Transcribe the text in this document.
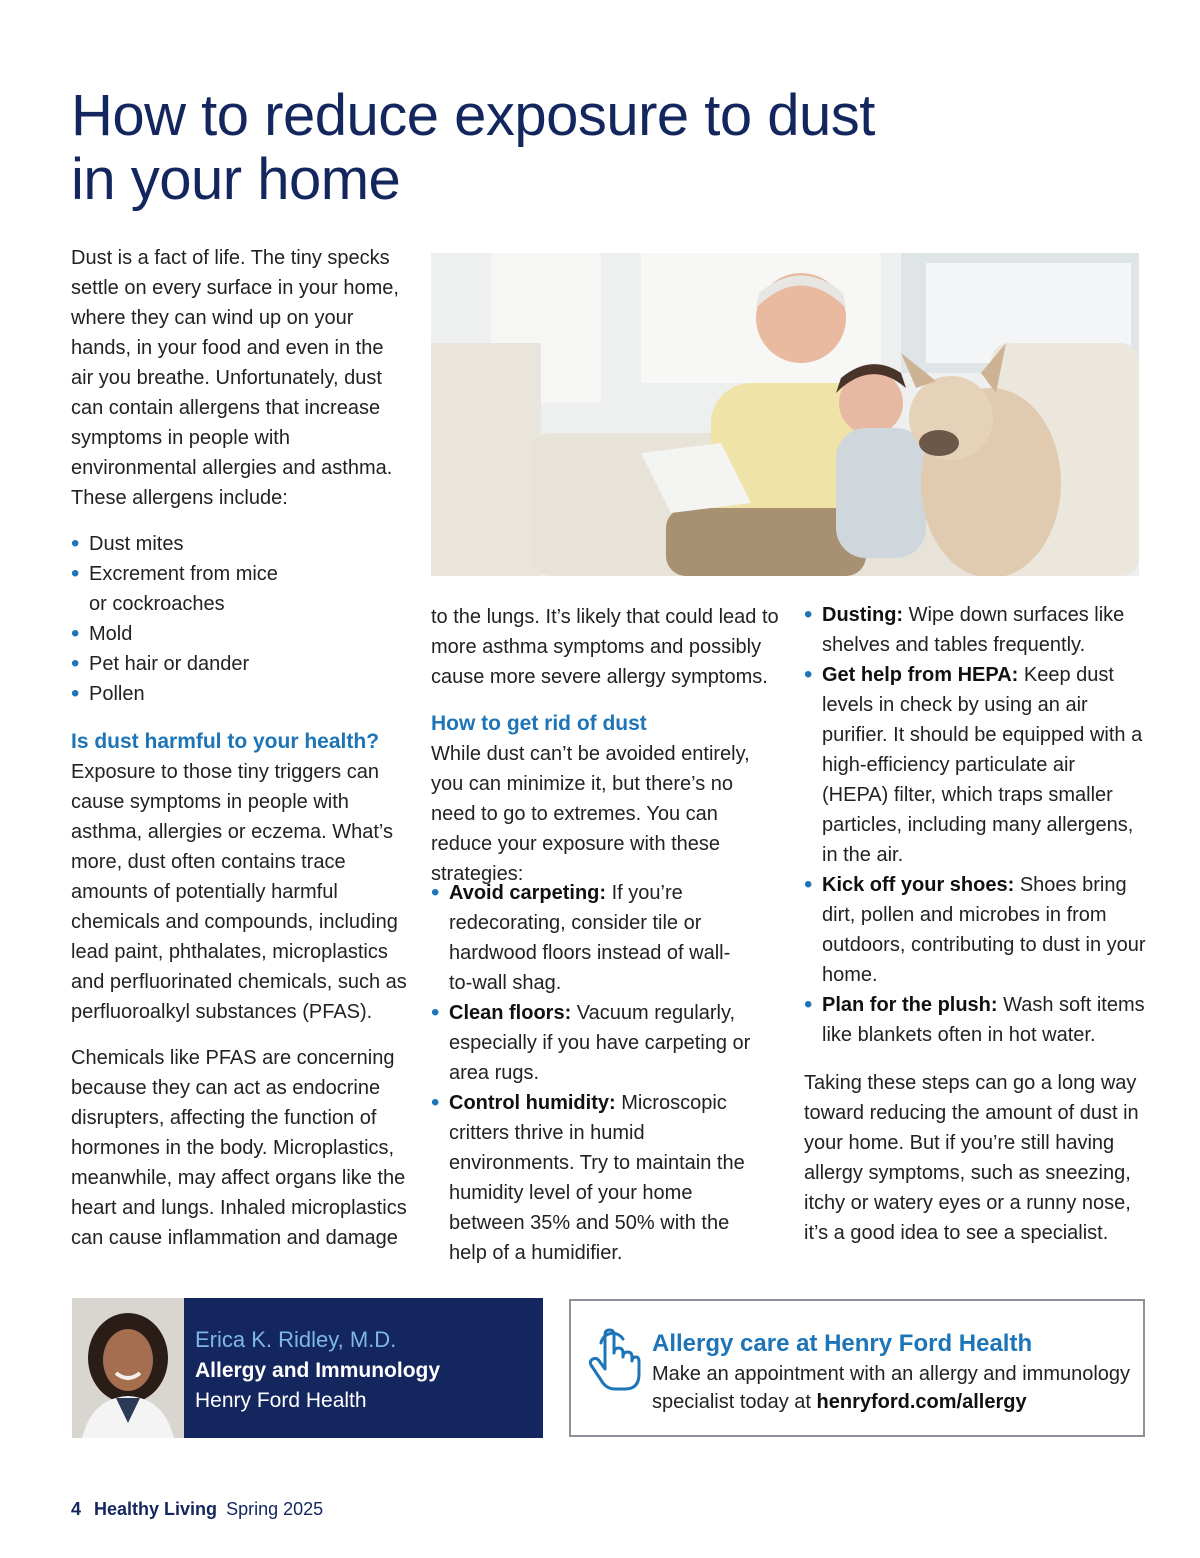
How to reduce exposure to dust
in your home

Dust is a fact of life. The tiny specks settle on every surface in your home, where they can wind up on your hands, in your food and even in the air you breathe. Unfortunately, dust can contain allergens that increase symptoms in people with environmental allergies and asthma. These allergens include:

• Dust mites
• Excrement from mice or cockroaches
• Mold
• Pet hair or dander
• Pollen
Is dust harmful to your health?

Exposure to those tiny triggers can cause symptoms in people with asthma, allergies or eczema. What’s more, dust often contains trace amounts of potentially harmful chemicals and compounds, including lead paint, phthalates, microplastics and perfluorinated chemicals, such as perfluoroalkyl substances (PFAS).

Chemicals like PFAS are concerning because they can act as endocrine disrupters, affecting the function of hormones in the body. Microplastics, meanwhile, may affect organs like the heart and lungs. Inhaled microplastics can cause inflammation and damage

to the lungs. It’s likely that could lead to more asthma symptoms and possibly cause more severe allergy symptoms.

How to get rid of dust

While dust can’t be avoided entirely, you can minimize it, but there’s no need to go to extremes. You can reduce your exposure with these strategies:

• Avoid carpeting: If you’re redecorating, consider tile or hardwood floors instead of wall-to-wall shag.
• Clean floors: Vacuum regularly, especially if you have carpeting or area rugs.
• Control humidity: Microscopic critters thrive in humid environments. Try to maintain the humidity level of your home between 35% and 50% with the help of a humidifier.
• Dusting: Wipe down surfaces like shelves and tables frequently.
• Get help from HEPA: Keep dust levels in check by using an air purifier. It should be equipped with a high-efficiency particulate air (HEPA) filter, which traps smaller particles, including many allergens, in the air.
• Kick off your shoes: Shoes bring dirt, pollen and microbes in from outdoors, contributing to dust in your home.
• Plan for the plush: Wash soft items like blankets often in hot water.

Taking these steps can go a long way toward reducing the amount of dust in your home. But if you’re still having allergy symptoms, such as sneezing, itchy or watery eyes or a runny nose, it’s a good idea to see a specialist.

Erica K. Ridley, M.D.
Allergy and Immunology
Henry Ford Health
Allergy care at Henry Ford Health

Make an appointment with an allergy and immunology specialist today at henryford.com/allergy

4 Healthy Living Spring 2025
